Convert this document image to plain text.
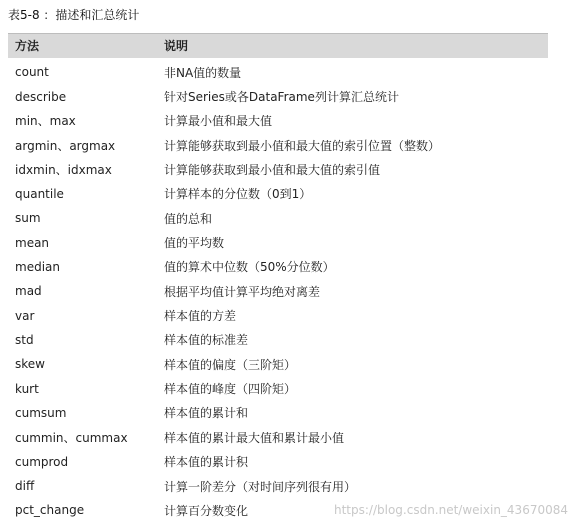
表5-8 ：描述和汇总统计
方法	说明
count	非NA值的数量
describe	针对Series或各DataFrame列计算汇总统计
min、max	计算最小值和最大值
argmin、argmax	计算能够获取到最小值和最大值的索引位置（整数）
idxmin、idxmax	计算能够获取到最小值和最大值的索引值
quantile	计算样本的分位数（0到1）
sum	值的总和
mean	值的平均数
median	值的算术中位数（50%分位数）
mad	根据平均值计算平均绝对离差
var	样本值的方差
std	样本值的标准差
skew	样本值的偏度（三阶矩）
kurt	样本值的峰度（四阶矩）
cumsum	样本值的累计和
cummin、cummax	样本值的累计最大值和累计最小值
cumprod	样本值的累计积
diff	计算一阶差分（对时间序列很有用）
pct_change	计算百分数变化	https://blog.csdn.net/weixin_43670084
